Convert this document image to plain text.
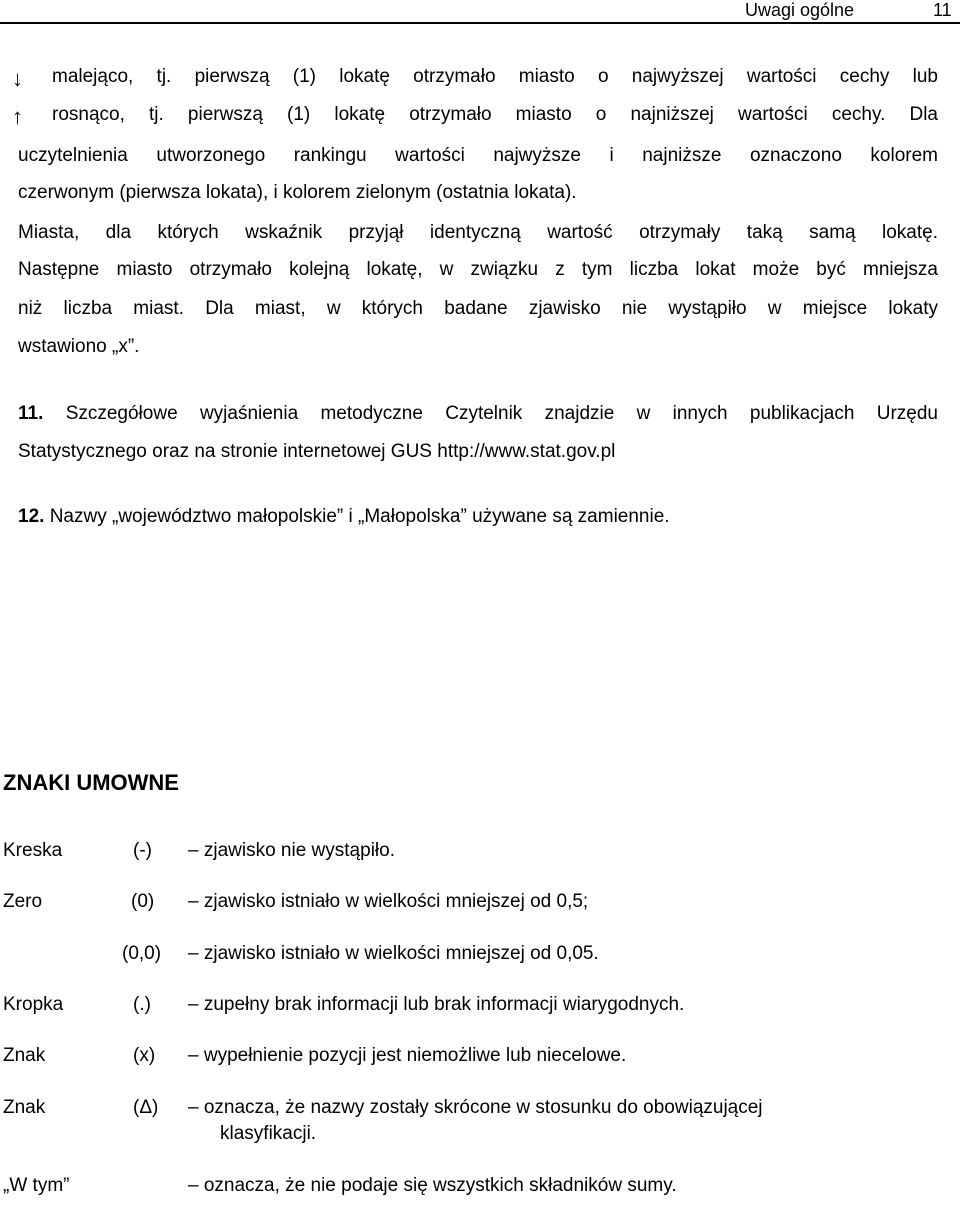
Uwagi ogólne	11
↓
↑
malejąco, tj. pierwszą (1) lokatę otrzymało miasto o najwyższej wartości cechy lub
rosnąco, tj. pierwszą (1) lokatę otrzymało miasto o najniższej wartości cechy. Dla
uczytelnienia utworzonego rankingu wartości najwyższe i najniższe oznaczono kolorem
czerwonym (pierwsza lokata), i kolorem zielonym (ostatnia lokata).
Miasta, dla których wskaźnik przyjął identyczną wartość otrzymały taką samą lokatę.
Następne miasto otrzymało kolejną lokatę, w związku z tym liczba lokat może być mniejsza
niż liczba miast. Dla miast, w których badane zjawisko nie wystąpiło w miejsce lokaty
wstawiono „x”.
11. Szczegółowe wyjaśnienia metodyczne Czytelnik znajdzie w innych publikacjach Urzędu
Statystycznego oraz na stronie internetowej GUS http://www.stat.gov.pl
12. Nazwy „województwo małopolskie” i „Małopolska” używane są zamiennie.
ZNAKI UMOWNE
Kreska	(-) – zjawisko nie wystąpiło.
Zero	(0) – zjawisko istniało w wielkości mniejszej od 0,5;
(0,0) – zjawisko istniało w wielkości mniejszej od 0,05.
Kropka	(.) – zupełny brak informacji lub brak informacji wiarygodnych.
Znak	(x) – wypełnienie pozycji jest niemożliwe lub niecelowe.
Znak	(Δ) – oznacza, że nazwy zostały skrócone w stosunku do obowiązującej
klasyfikacji.
„W tym”	– oznacza, że nie podaje się wszystkich składników sumy.
